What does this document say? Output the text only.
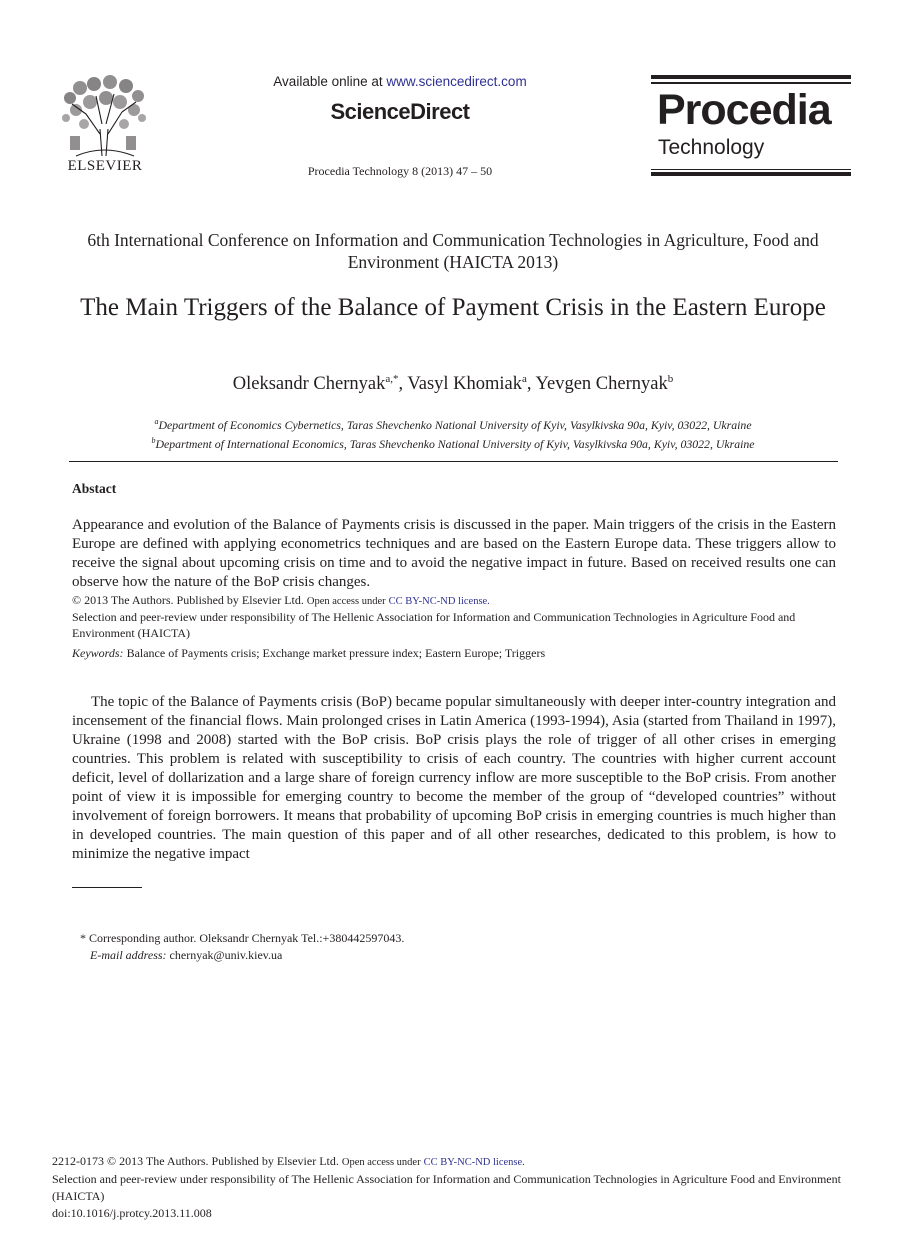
ELSEVIER
Available online at www.sciencedirect.com
ScienceDirect
Procedia Technology 8 (2013) 47 – 50
Procedia
Technology
6th International Conference on Information and Communication Technologies in Agriculture, Food and Environment (HAICTA 2013)
The Main Triggers of the Balance of Payment Crisis in the Eastern Europe
Oleksandr Chernyak$^{a,*}$, Vasyl Khomiak$^a$, Yevgen Chernyak$^b$
$^a$Department of Economics Cybernetics, Taras Shevchenko National University of Kyiv, Vasylkivska 90a, Kyiv, 03022, Ukraine
$^b$Department of International Economics, Taras Shevchenko National University of Kyiv, Vasylkivska 90a, Kyiv, 03022, Ukraine
Abstact
Appearance and evolution of the Balance of Payments crisis is discussed in the paper. Main triggers of the crisis in the Eastern Europe are defined with applying econometrics techniques and are based on the Eastern Europe data. These triggers allow to receive the signal about upcoming crisis on time and to avoid the negative impact in future. Based on received results one can observe how the nature of the BoP crisis changes.
© 2013 The Authors. Published by Elsevier Ltd. Open access under CC BY-NC-ND license.
Selection and peer-review under responsibility of The Hellenic Association for Information and Communication Technologies in Agriculture Food and Environment (HAICTA)
Keywords: Balance of Payments crisis; Exchange market pressure index; Eastern Europe; Triggers
The topic of the Balance of Payments crisis (BoP) became popular simultaneously with deeper inter-country integration and incensement of the financial flows. Main prolonged crises in Latin America (1993-1994), Asia (started from Thailand in 1997), Ukraine (1998 and 2008) started with the BoP crisis. BoP crisis plays the role of trigger of all other crises in emerging countries. This problem is related with susceptibility to crisis of each country. The countries with higher current account deficit, level of dollarization and a large share of foreign currency inflow are more susceptible to the BoP crisis. From another point of view it is impossible for emerging country to become the member of the group of “developed countries” without involvement of foreign borrowers. It means that probability of upcoming BoP crisis in emerging countries is much higher than in developed countries. The main question of this paper and of all other researches, dedicated to this problem, is how to minimize the negative impact
* Corresponding author. Oleksandr Chernyak Tel.:+380442597043.
E-mail address: chernyak@univ.kiev.ua
2212-0173 © 2013 The Authors. Published by Elsevier Ltd. Open access under CC BY-NC-ND license.
Selection and peer-review under responsibility of The Hellenic Association for Information and Communication Technologies in Agriculture Food and Environment (HAICTA)
doi:10.1016/j.protcy.2013.11.008
